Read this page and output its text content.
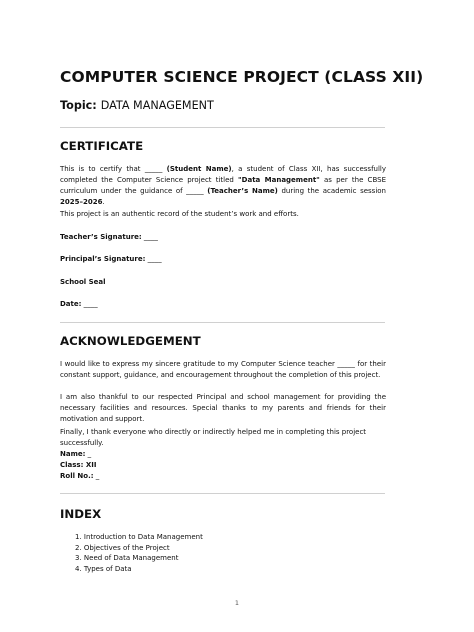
COMPUTER SCIENCE PROJECT (CLASS XII)
Topic: DATA MANAGEMENT
CERTIFICATE
This is to certify that _____ (Student Name), a student of Class XII, has successfully completed the Computer Science project titled "Data Management" as per the CBSE curriculum under the guidance of _____ (Teacher’s Name) during the academic session 2025–2026.
This project is an authentic record of the student’s work and efforts.
Teacher’s Signature: ____
Principal’s Signature: ____
School Seal
Date: ____
ACKNOWLEDGEMENT
I would like to express my sincere gratitude to my Computer Science teacher _____ for their constant support, guidance, and encouragement throughout the completion of this project.
I am also thankful to our respected Principal and school management for providing the necessary facilities and resources. Special thanks to my parents and friends for their motivation and support.
Finally, I thank everyone who directly or indirectly helped me in completing this project successfully.
Name: _
Class: XII
Roll No.: _
INDEX
1. Introduction to Data Management
2. Objectives of the Project
3. Need of Data Management
4. Types of Data
1
